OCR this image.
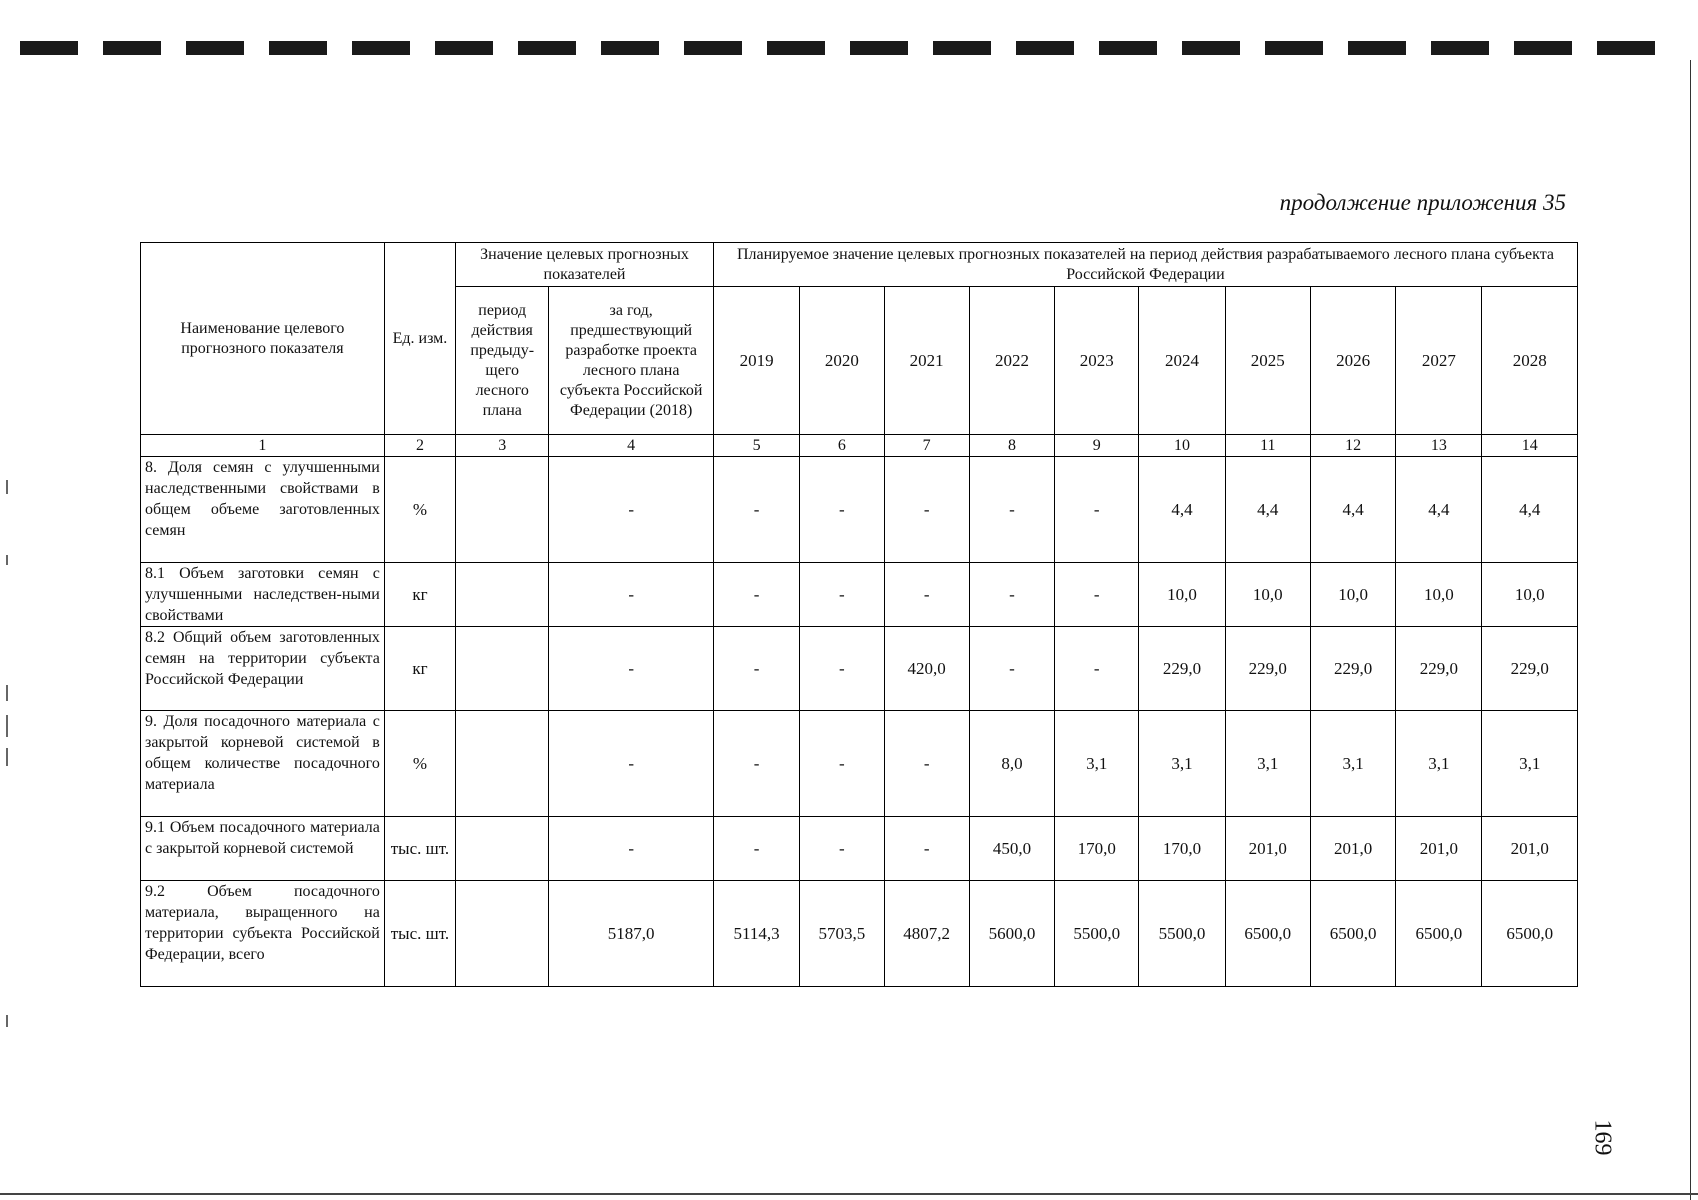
продолжение приложения 35
Наименование целевого прогнозного показателя	Ед. изм.	Значение целевых прогнозных показателей		Планируемое значение целевых прогнозных показателей на период действия разрабатываемого лесного плана субъекта Российской Федерации									
		период действия предыду-щего лесного плана	за год, предшествующий разработке проекта лесного плана субъекта Российской Федерации (2018)	2019	2020	2021	2022	2023	2024	2025	2026	2027	2028
1	2	3	4	5	6	7	8	9	10	11	12	13	14
8. Доля семян с улучшенными наследственными свойствами в общем объеме заготовленных семян	%		-	-	-	-	-	-	4,4	4,4	4,4	4,4	4,4
8.1 Объем заготовки семян с улучшенными наследствен-ными свойствами	кг		-	-	-	-	-	-	10,0	10,0	10,0	10,0	10,0
8.2 Общий объем заготовленных семян на территории субъекта Российской Федерации	кг		-	-	-	420,0	-	-	229,0	229,0	229,0	229,0	229,0
9. Доля посадочного материала с закрытой корневой системой в общем количестве посадочного материала	%		-	-	-	-	8,0	3,1	3,1	3,1	3,1	3,1	3,1
9.1 Объем посадочного материала с закрытой корневой системой	тыс. шт.		-	-	-	-	450,0	170,0	170,0	201,0	201,0	201,0	201,0
9.2 Объем посадочного материала, выращенного на территории субъекта Российской Федерации, всего	тыс. шт.		5187,0	5114,3	5703,5	4807,2	5600,0	5500,0	5500,0	6500,0	6500,0	6500,0	6500,0
169
